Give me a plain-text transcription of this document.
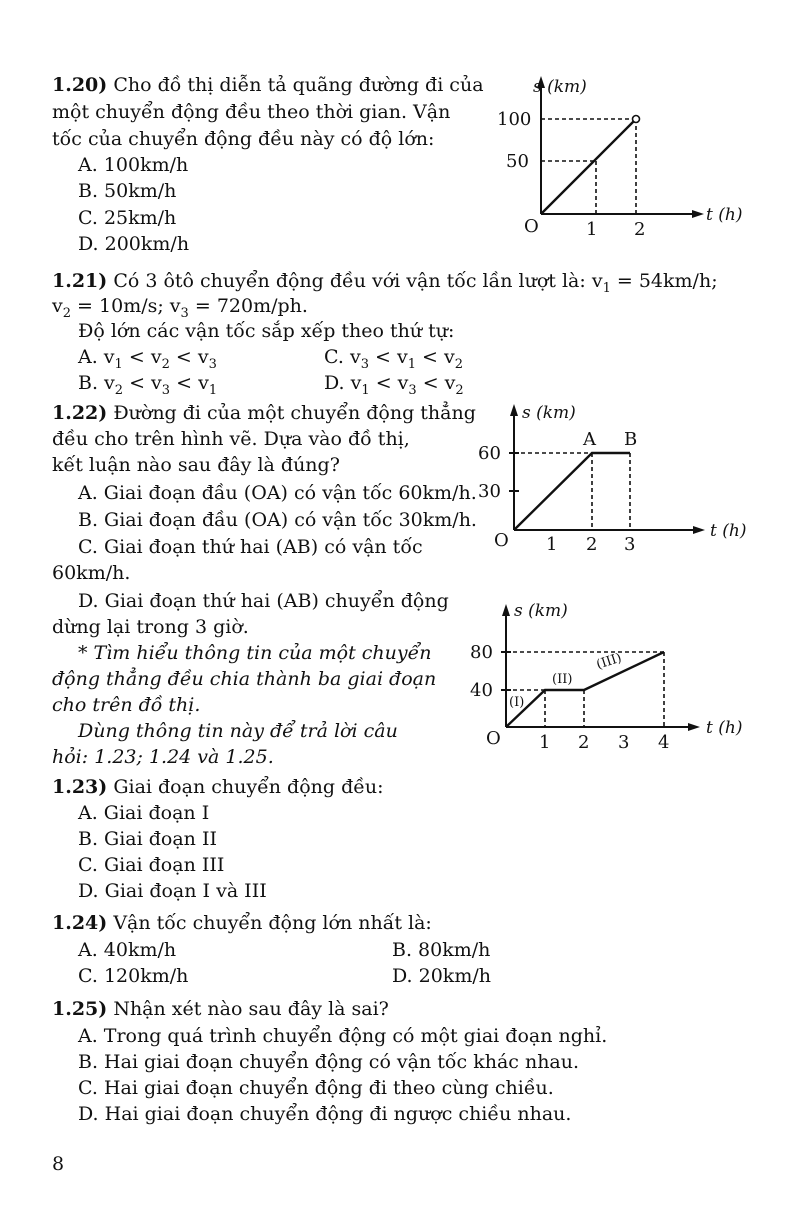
1.20) Cho đồ thị diễn tả quãng đường đi của
một chuyển động đều theo thời gian. Vận
tốc của chuyển động đều này có độ lớn:
A. 100km/h
B. 50km/h
C. 25km/h
D. 200km/h
s (km)
t (h)
100
50
O	1 2
1.21) Có 3 ôtô chuyển động đều với vận tốc lần lượt là: $v_1 = 54km/h$;
$v_2 = 10m/s$; $v_3 = 720m/ph$.
Độ lớn các vận tốc sắp xếp theo thứ tự:
A. $v_1 < v_2 < v_3$	C. $v_3 < v_1 < v_2$
B. $v_2 < v_3 < v_1$	D. $v_1 < v_3 < v_2$
1.22) Đường đi của một chuyển động thẳng
đều cho trên hình vẽ. Dựa vào đồ thị,
kết luận nào sau đây là đúng?
A. Giai đoạn đầu (OA) có vận tốc 60km/h.
B. Giai đoạn đầu (OA) có vận tốc 30km/h.
C. Giai đoạn thứ hai (AB) có vận tốc
60km/h.
D. Giai đoạn thứ hai (AB) chuyển động
dừng lại trong 3 giờ.
s (km)
t (h)
60
30
O 1 2 3
A B
* Tìm hiểu thông tin của một chuyển
động thẳng đều chia thành ba giai đoạn
cho trên đồ thị.
Dùng thông tin này để trả lời câu
hỏi: 1.23; 1.24 và 1.25.
s (km)
t (h)
80
40
O 1 2 3 4
(I)
(II)
(III)
1.23) Giai đoạn chuyển động đều:
A. Giai đoạn I
B. Giai đoạn II
C. Giai đoạn III
D. Giai đoạn I và III
1.24) Vận tốc chuyển động lớn nhất là:
A. 40km/h	B. 80km/h
C. 120km/h	D. 20km/h
1.25) Nhận xét nào sau đây là sai?
A. Trong quá trình chuyển động có một giai đoạn nghỉ.
B. Hai giai đoạn chuyển động có vận tốc khác nhau.
C. Hai giai đoạn chuyển động đi theo cùng chiều.
D. Hai giai đoạn chuyển động đi ngược chiều nhau.
8
